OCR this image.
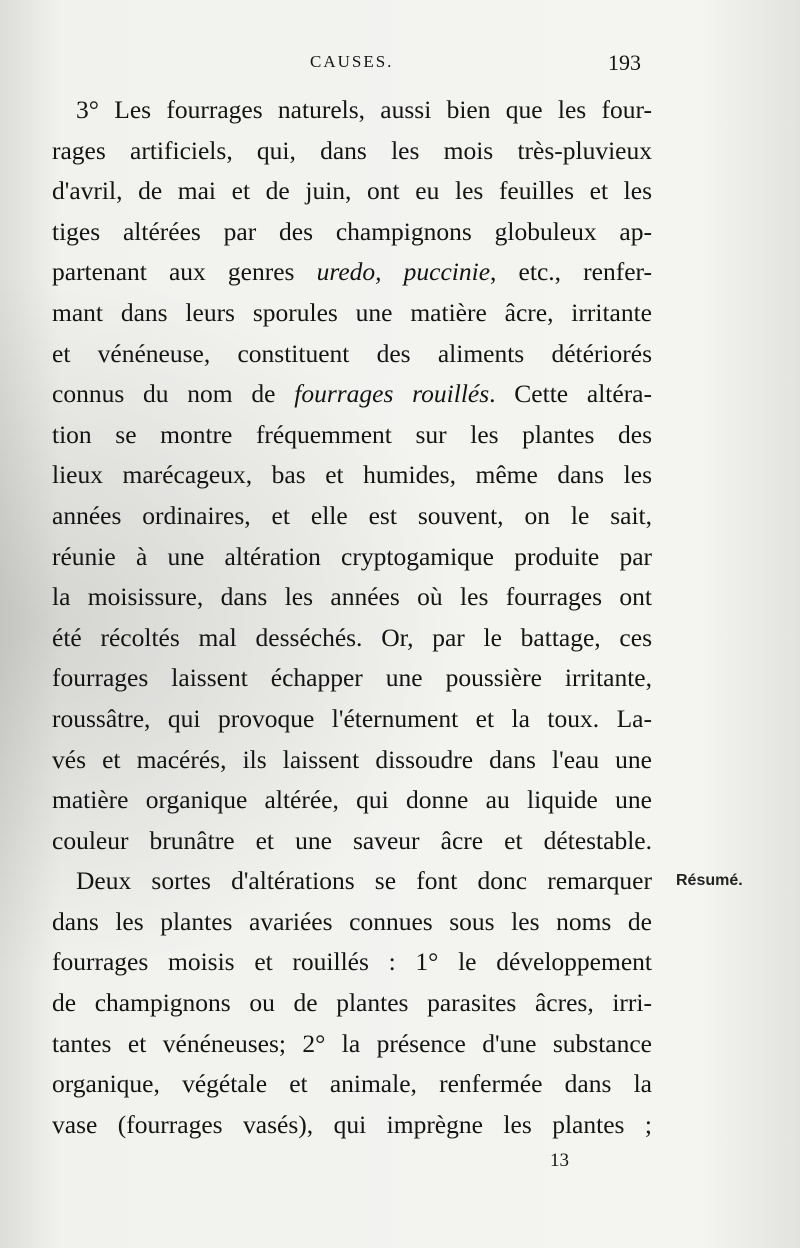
CAUSES.	193
3° Les fourrages naturels, aussi bien que les four-
rages artificiels, qui, dans les mois très-pluvieux
d'avril, de mai et de juin, ont eu les feuilles et les
tiges altérées par des champignons globuleux ap-
partenant aux genres uredo, puccinie, etc., renfer-
mant dans leurs sporules une matière âcre, irritante
et vénéneuse, constituent des aliments détériorés
connus du nom de fourrages rouillés. Cette altéra-
tion se montre fréquemment sur les plantes des
lieux marécageux, bas et humides, même dans les
années ordinaires, et elle est souvent, on le sait,
réunie à une altération cryptogamique produite par
la moisissure, dans les années où les fourrages ont
été récoltés mal desséchés. Or, par le battage, ces
fourrages laissent échapper une poussière irritante,
roussâtre, qui provoque l'éternument et la toux. La-
vés et macérés, ils laissent dissoudre dans l'eau une
matière organique altérée, qui donne au liquide une
couleur brunâtre et une saveur âcre et détestable.
Deux sortes d'altérations se font donc remarquer
dans les plantes avariées connues sous les noms de
fourrages moisis et rouillés : 1° le développement
de champignons ou de plantes parasites âcres, irri-
tantes et vénéneuses; 2° la présence d'une substance
organique, végétale et animale, renfermée dans la
vase (fourrages vasés), qui imprègne les plantes ;
Résumé.
13
